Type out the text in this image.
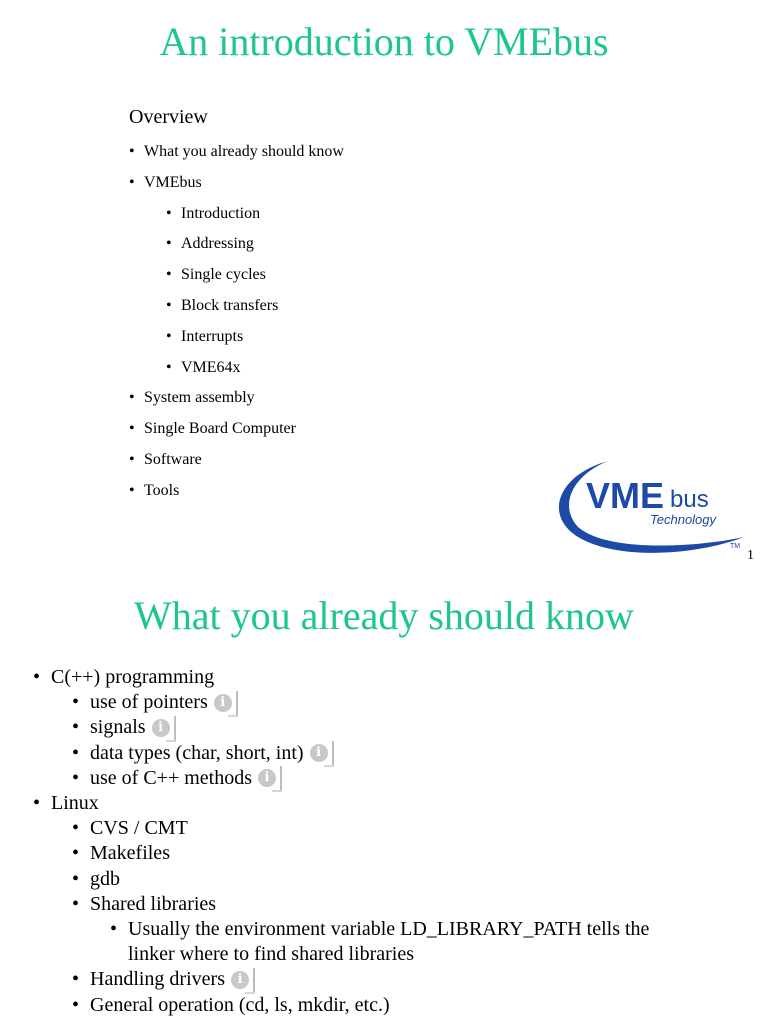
An introduction to VMEbus
Overview
• What you already should know
• VMEbus
• Introduction
• Addressing
• Single cycles
• Block transfers
• Interrupts
• VME64x
• System assembly
• Single Board Computer
• Software
• Tools	VME bus
Technology
TM
1
What you already should know
• C(++) programming
• use of pointers i
• signals i
• data types (char, short, int) i
• use of C++ methods i
• Linux
• CVS / CMT
• Makefiles
• gdb
• Shared libraries
• Usually the environment variable LD_LIBRARY_PATH tells the
linker where to find shared libraries
• Handling drivers i
• General operation (cd, ls, mkdir, etc.)
